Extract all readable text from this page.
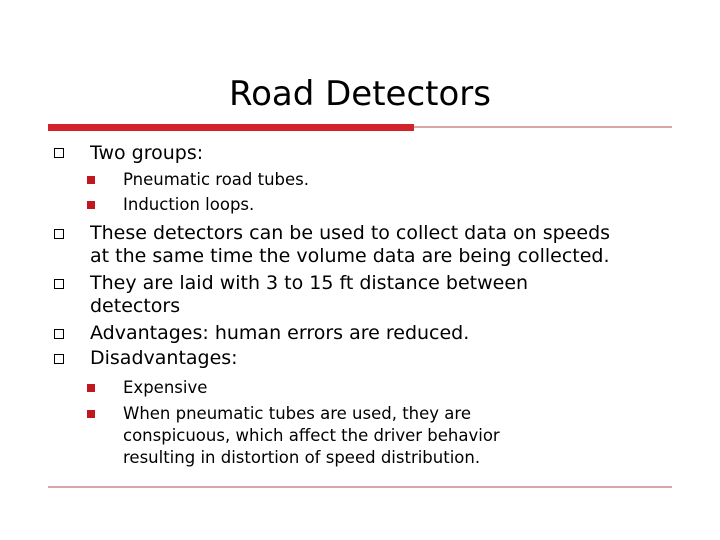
Road Detectors
Two groups:
Pneumatic road tubes.
Induction loops.
These detectors can be used to collect data on speeds
at the same time the volume data are being collected.
They are laid with 3 to 15 ft distance between
detectors
Advantages: human errors are reduced.
Disadvantages:
Expensive
When pneumatic tubes are used, they are
conspicuous, which affect the driver behavior
resulting in distortion of speed distribution.
